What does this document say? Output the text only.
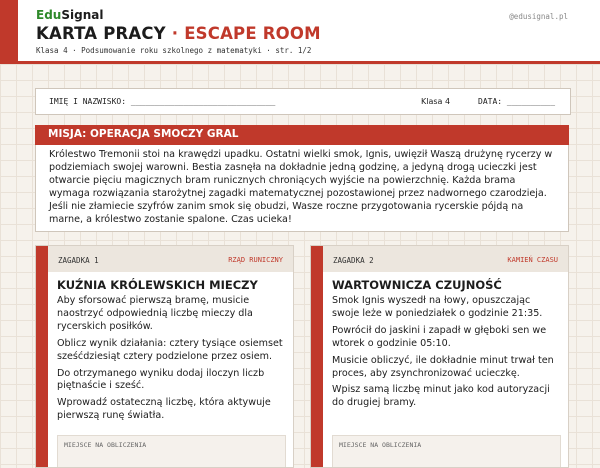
EduSignal	@edusignal.pl
KARTA PRACY · ESCAPE ROOM
Klasa 4 · Podsumowanie roku szkolnego z matematyki · str. 1/2
IMIĘ I NAZWISKO: ______________________________	Klasa 4	DATA: __________
MISJA: OPERACJA SMOCZY GRAL

Królestwo Tremonii stoi na krawędzi upadku. Ostatni wielki smok, Ignis, uwięził Waszą drużynę rycerzy w podziemiach swojej warowni. Bestia zasnęła na dokładnie jedną godzinę, a jedyną drogą ucieczki jest otwarcie pięciu magicznych bram runicznych chroniących wyjście na powierzchnię. Każda brama wymaga rozwiązania starożytnej zagadki matematycznej pozostawionej przez nadwornego czarodzieja. Jeśli nie złamiecie szyfrów zanim smok się obudzi, Wasze roczne przygotowania rycerskie pójdą na marne, a królestwo zostanie spalone. Czas ucieka!

ZAGADKA 1	RZĄD RUNICZNY
KUŹNIA KRÓLEWSKICH MIECZY

Aby sforsować pierwszą bramę, musicie naostrzyć odpowiednią liczbę mieczy dla rycerskich posiłków.

Oblicz wynik działania: cztery tysiące osiemset sześćdziesiąt cztery podzielone przez osiem.

Do otrzymanego wyniku dodaj iloczyn liczb piętnaście i sześć.

Wprowadź ostateczną liczbę, która aktywuje pierwszą runę światła.

MIEJSCE NA OBLICZENIA
ZAGADKA 2	KAMIEŃ CZASU
WARTOWNICZA CZUJNOŚĆ

Smok Ignis wyszedł na łowy, opuszczając swoje leże w poniedziałek o godzinie 21:35.

Powrócił do jaskini i zapadł w głęboki sen we wtorek o godzinie 05:10.

Musicie obliczyć, ile dokładnie minut trwał ten proces, aby zsynchronizować ucieczkę.

Wpisz samą liczbę minut jako kod autoryzacji do drugiej bramy.

MIEJSCE NA OBLICZENIA
